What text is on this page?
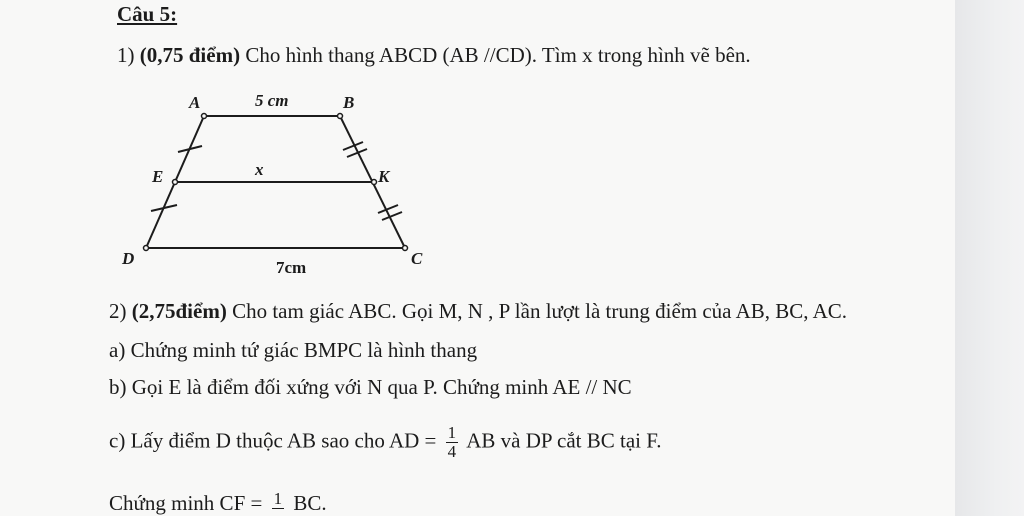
Câu 5:
1) (0,75 điểm) Cho hình thang ABCD (AB //CD). Tìm x trong hình vẽ bên.
A	B
E	K
D	C
5 cm
x
7cm
2) (2,75điểm) Cho tam giác ABC. Gọi M, N , P lần lượt là trung điểm của AB, BC, AC.
a) Chứng minh tứ giác BMPC là hình thang
b) Gọi E là điểm đối xứng với N qua P. Chứng minh AE // NC
c) Lấy điểm D thuộc AB sao cho AD = $\frac{1}{4}$ AB và DP cắt BC tại F.
Chứng minh CF = 1 BC.
